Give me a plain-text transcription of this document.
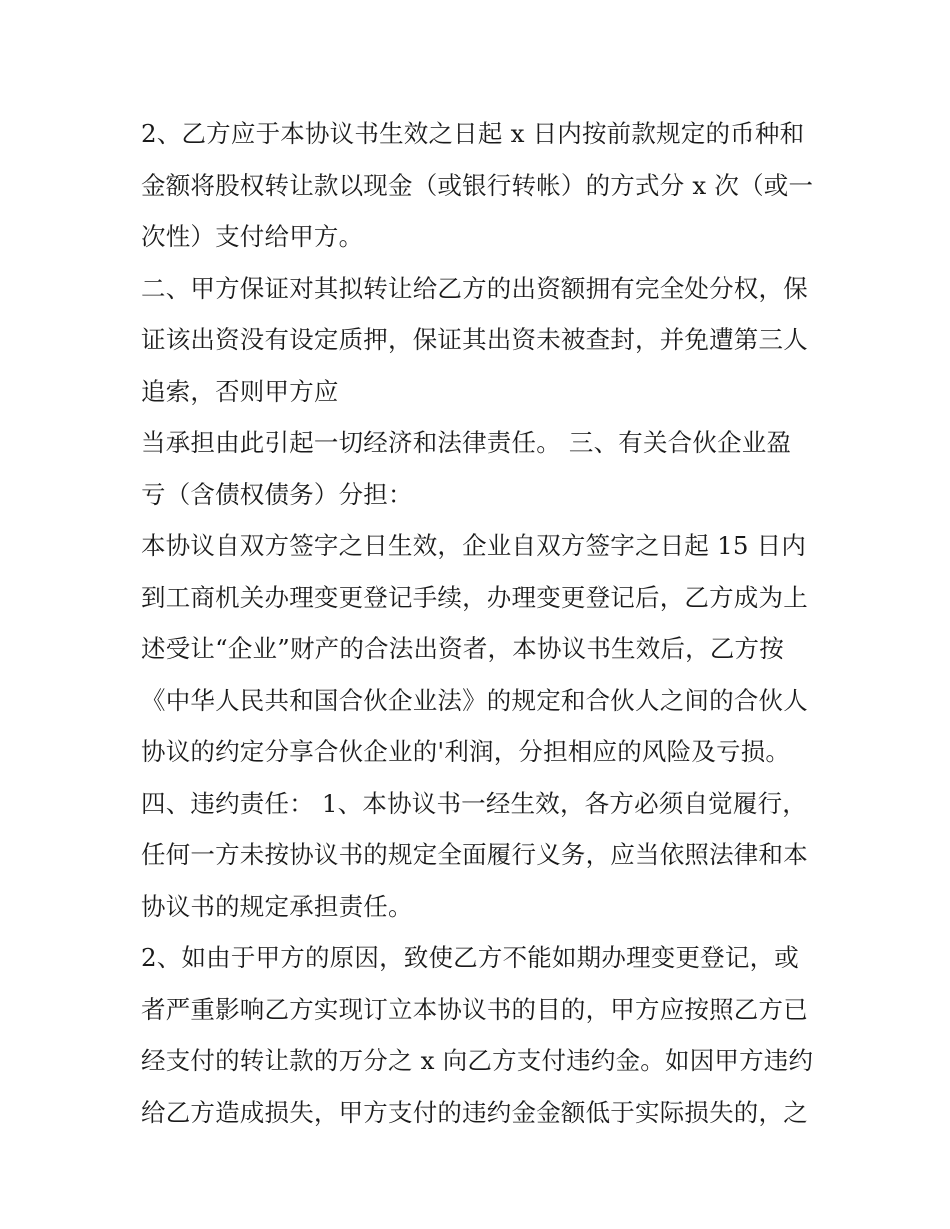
2、乙方应于本协议书生效之日起 x 日内按前款规定的币种和
金额将股权转让款以现金（或银行转帐）的方式分 x 次（或一
次性）支付给甲方。
二、甲方保证对其拟转让给乙方的出资额拥有完全处分权，保
证该出资没有设定质押，保证其出资未被查封，并免遭第三人
追索，否则甲方应
当承担由此引起一切经济和法律责任。 三、有关合伙企业盈
亏（含债权债务）分担：
本协议自双方签字之日生效，企业自双方签字之日起 15 日内
到工商机关办理变更登记手续，办理变更登记后，乙方成为上
述受让“企业”财产的合法出资者，本协议书生效后，乙方按
《中华人民共和国合伙企业法》的规定和合伙人之间的合伙人
协议的约定分享合伙企业的'利润，分担相应的风险及亏损。
四、违约责任： 1、本协议书一经生效，各方必须自觉履行，
任何一方未按协议书的规定全面履行义务，应当依照法律和本
协议书的规定承担责任。
2、如由于甲方的原因，致使乙方不能如期办理变更登记，或
者严重影响乙方实现订立本协议书的目的，甲方应按照乙方已
经支付的转让款的万分之 x 向乙方支付违约金。如因甲方违约
给乙方造成损失，甲方支付的违约金金额低于实际损失的，之
